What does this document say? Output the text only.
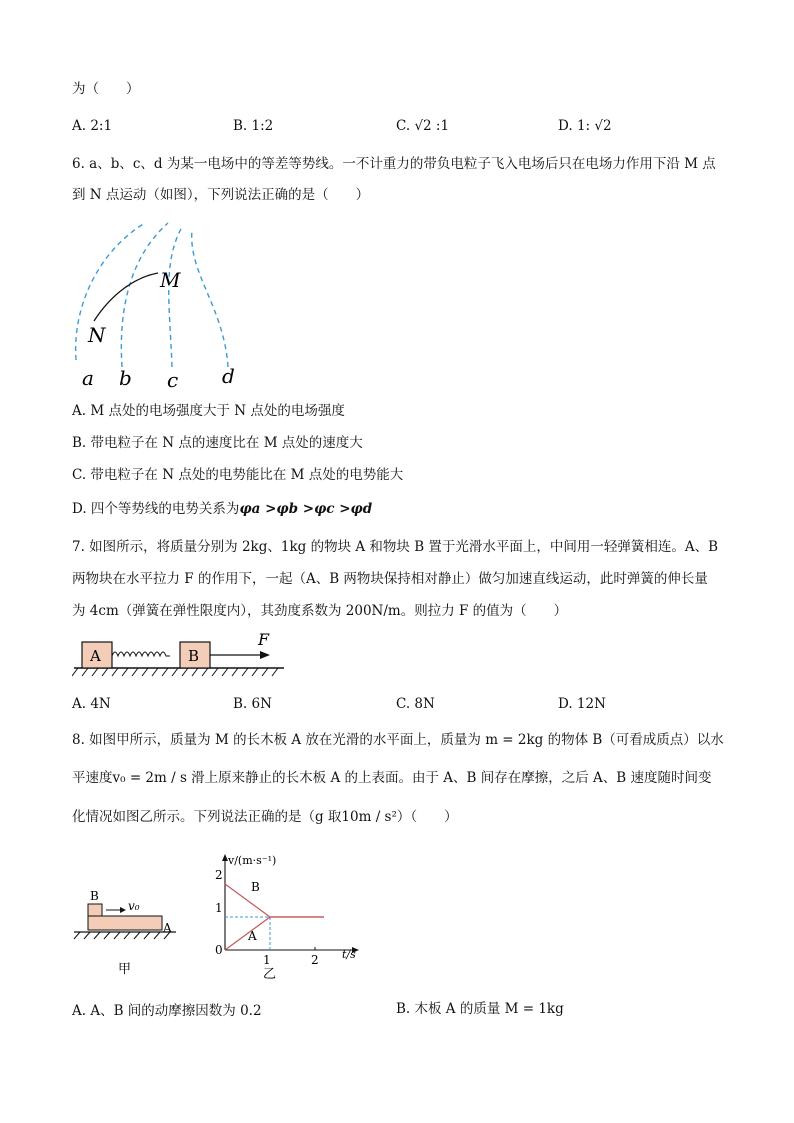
为（　　）
A. 2:1	B. 1:2	C. √2 :1	D. 1: √2
6. a、b、c、d 为某一电场中的等差等势线。一不计重力的带负电粒子飞入电场后只在电场力作用下沿 M 点
到 N 点运动（如图），下列说法正确的是（　　）
M
N
a b c d
A. M 点处的电场强度大于 N 点处的电场强度
B. 带电粒子在 N 点的速度比在 M 点处的速度大
C. 带电粒子在 N 点处的电势能比在 M 点处的电势能大
D. 四个等势线的电势关系为φa >φb >φc >φd
7. 如图所示，将质量分别为 2kg、1kg 的物块 A 和物块 B 置于光滑水平面上，中间用一轻弹簧相连。A、B
两物块在水平拉力 F 的作用下，一起（A、B 两物块保持相对静止）做匀加速直线运动，此时弹簧的伸长量
为 4cm（弹簧在弹性限度内），其劲度系数为 200N/m。则拉力 F 的值为（　　）
A	B
F
A. 4N	B. 6N	C. 8N	D. 12N
8. 如图甲所示，质量为 M 的长木板 A 放在光滑的水平面上，质量为 m = 2kg 的物体 B（可看成质点）以水
平速度v₀ = 2m / s 滑上原来静止的长木板 A 的上表面。由于 A、B 间存在摩擦，之后 A、B 速度随时间变
化情况如图乙所示。下列说法正确的是（g 取10m / s²）（　　）
B
v₀
A
甲
v/(m·s⁻¹)
t/s
2
1
0
1	2
B
A
乙
A. A、B 间的动摩擦因数为 0.2	B. 木板 A 的质量 M = 1kg
